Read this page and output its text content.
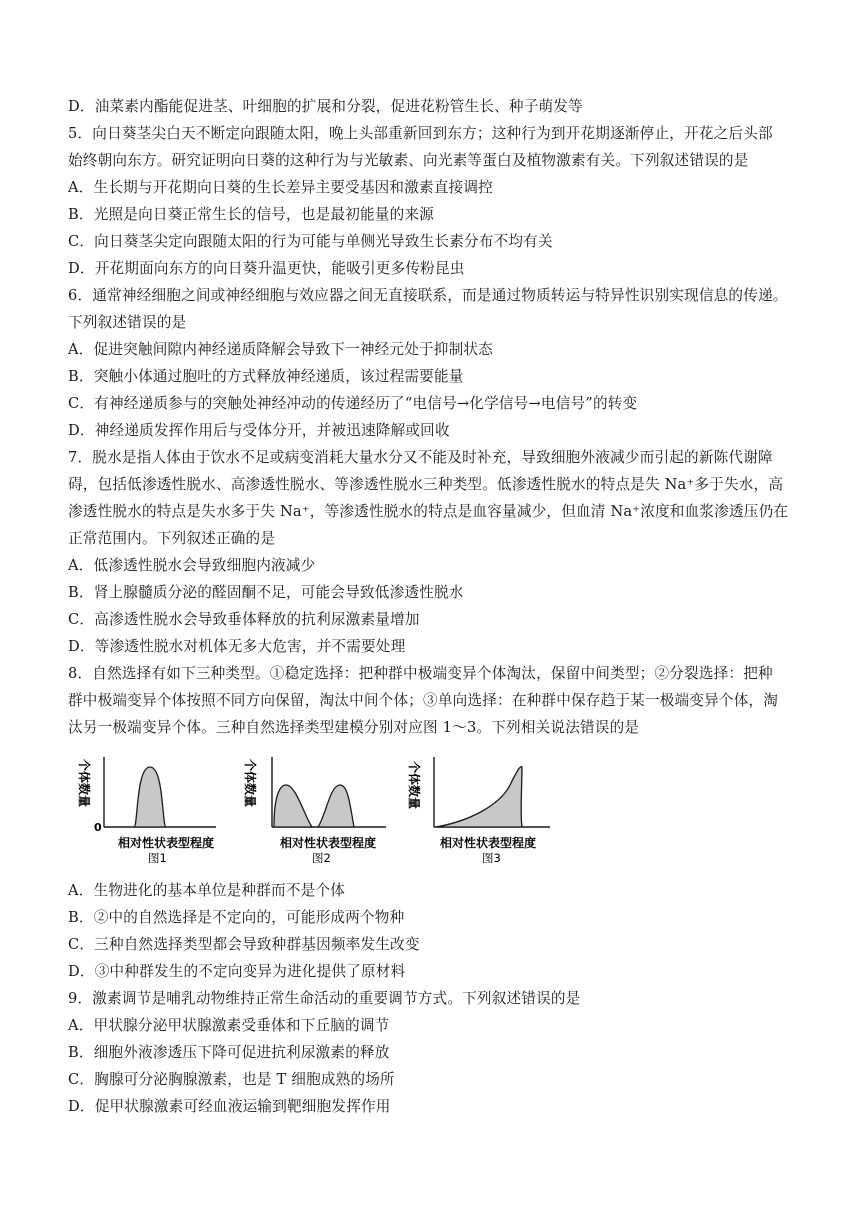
D．油菜素内酯能促进茎、叶细胞的扩展和分裂，促进花粉管生长、种子萌发等
5．向日葵茎尖白天不断定向跟随太阳，晚上头部重新回到东方；这种行为到开花期逐渐停止，开花之后头部
始终朝向东方。研究证明向日葵的这种行为与光敏素、向光素等蛋白及植物激素有关。下列叙述错误的是
A．生长期与开花期向日葵的生长差异主要受基因和激素直接调控
B．光照是向日葵正常生长的信号，也是最初能量的来源
C．向日葵茎尖定向跟随太阳的行为可能与单侧光导致生长素分布不均有关
D．开花期面向东方的向日葵升温更快，能吸引更多传粉昆虫
6．通常神经细胞之间或神经细胞与效应器之间无直接联系，而是通过物质转运与特异性识别实现信息的传递。
下列叙述错误的是
A．促进突触间隙内神经递质降解会导致下一神经元处于抑制状态
B．突触小体通过胞吐的方式释放神经递质，该过程需要能量
C．有神经递质参与的突触处神经冲动的传递经历了“电信号→化学信号→电信号”的转变
D．神经递质发挥作用后与受体分开，并被迅速降解或回收
7．脱水是指人体由于饮水不足或病变消耗大量水分又不能及时补充，导致细胞外液减少而引起的新陈代谢障
碍，包括低渗透性脱水、高渗透性脱水、等渗透性脱水三种类型。低渗透性脱水的特点是失 Na⁺多于失水，高
渗透性脱水的特点是失水多于失 Na⁺，等渗透性脱水的特点是血容量减少，但血清 Na⁺浓度和血浆渗透压仍在
正常范围内。下列叙述正确的是
A．低渗透性脱水会导致细胞内液减少
B．肾上腺髓质分泌的醛固酮不足，可能会导致低渗透性脱水
C．高渗透性脱水会导致垂体释放的抗利尿激素量增加
D．等渗透性脱水对机体无多大危害，并不需要处理
8．自然选择有如下三种类型。①稳定选择：把种群中极端变异个体淘汰，保留中间类型；②分裂选择：把种
群中极端变异个体按照不同方向保留，淘汰中间个体；③单向选择：在种群中保存趋于某一极端变异个体，淘
汰另一极端变异个体。三种自然选择类型建模分别对应图 1～3。下列相关说法错误的是
个体数量
0
相对性状表型程度
图1
个体数量
相对性状表型程度
图2
个体数量
相对性状表型程度
图3
A．生物进化的基本单位是种群而不是个体
B．②中的自然选择是不定向的，可能形成两个物种
C．三种自然选择类型都会导致种群基因频率发生改变
D．③中种群发生的不定向变异为进化提供了原材料
9．激素调节是哺乳动物维持正常生命活动的重要调节方式。下列叙述错误的是
A．甲状腺分泌甲状腺激素受垂体和下丘脑的调节
B．细胞外液渗透压下降可促进抗利尿激素的释放
C．胸腺可分泌胸腺激素，也是 T 细胞成熟的场所
D．促甲状腺激素可经血液运输到靶细胞发挥作用
